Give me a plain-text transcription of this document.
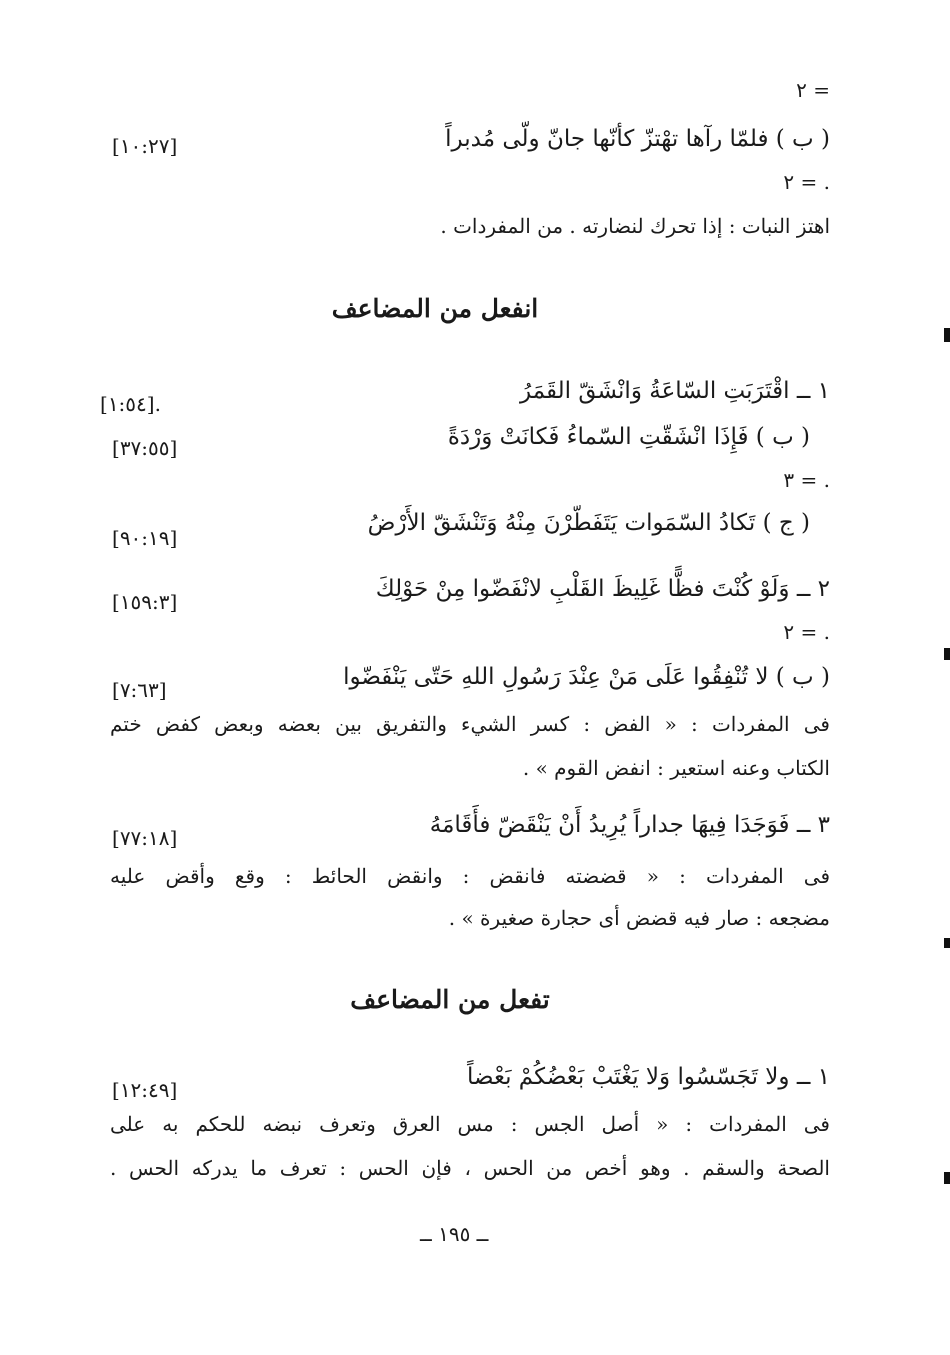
٢ =
( ب ) فلمّا رآها تهْتزّ كأنّها جانّ ولّى مُدبراً
[١٠:٢٧]
٢ = .
اهتز النبات : إذا تحرك لنضارته . من المفردات .
انفعل من المضاعف
١ ــ اقْتَرَبَتِ السّاعَةُ وَانْشَقّ القَمَرُ
[١:٥٤].
( ب ) فَإِذَا انْشَقّتِ السّماءُ فَكانَتْ وَرْدَةً
[٣٧:٥٥]
٣ = .
( ج ) تَكادُ السّمَوات يَتَفَطّرْنَ مِنْهُ وَتَنْشَقّ الأَرْضُ
[٩٠:١٩]
٢ ــ وَلَوْ كُنْتَ فظًّا غَلِيظَ القَلْبِ لانْفَضّوا مِنْ حَوْلِكَ
[١٥٩:٣]
٢ = .
( ب ) لا تُنْفِقُوا عَلَى مَنْ عِنْدَ رَسُولِ اللهِ حَتّى يَنْفَضّوا
[٧:٦٣]
فى المفردات : « الفض : كسر الشيء والتفريق بين بعضه وبعض كفض ختم
الكتاب وعنه استعير : انفض القوم » .
٣ ــ فَوَجَدَا فِيهَا جداراً يُرِيدُ أَنْ يَنْقَضّ فأَقَامَهُ
[٧٧:١٨]
فى المفردات : « قضضته فانقض : وانقض الحائط : وقع وأقض عليه
مضجعه : صار فيه قضض أى حجارة صغيرة » .
تفعل من المضاعف
١ ــ ولا تَجَسّسُوا وَلا يَغْتَبْ بَعْضُكُمْ بَعْضاً
[١٢:٤٩]
فى المفردات : « أصل الجس : مس العرق وتعرف نبضه للحكم به على
الصحة والسقم . وهو أخص من الحس ، فإن الحس : تعرف ما يدركه الحس .
ــ ١٩٥ ــ
